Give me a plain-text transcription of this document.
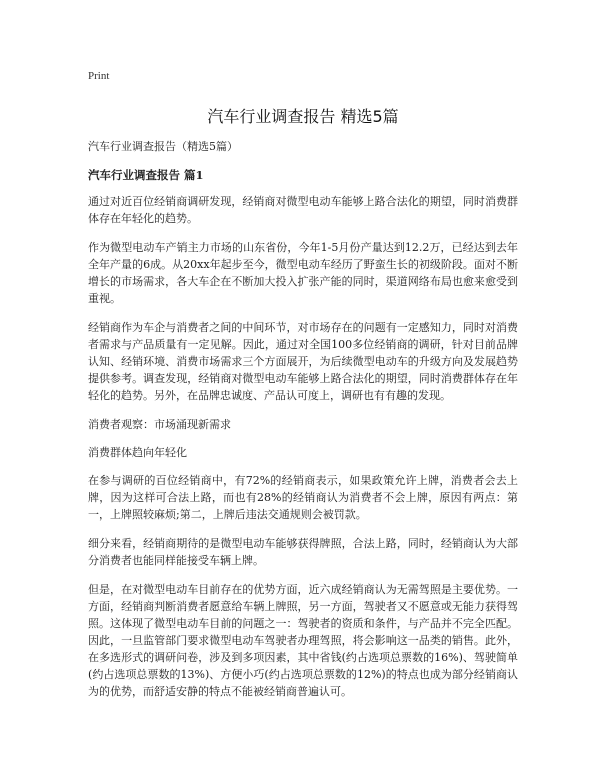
Print
汽车行业调查报告 精选5篇
汽车行业调查报告（精选5篇）
汽车行业调查报告 篇1

通过对近百位经销商调研发现，经销商对微型电动车能够上路合法化的期望，同时消费群体存在年轻化的趋势。

作为微型电动车产销主力市场的山东省份，今年1-5月份产量达到12.2万，已经达到去年全年产量的6成。从20xx年起步至今，微型电动车经历了野蛮生长的初级阶段。面对不断增长的市场需求，各大车企在不断加大投入扩张产能的同时，渠道网络布局也愈来愈受到重视。

经销商作为车企与消费者之间的中间环节，对市场存在的问题有一定感知力，同时对消费者需求与产品质量有一定见解。因此，通过对全国100多位经销商的调研，针对目前品牌认知、经销环境、消费市场需求三个方面展开，为后续微型电动车的升级方向及发展趋势提供参考。调查发现，经销商对微型电动车能够上路合法化的期望，同时消费群体存在年轻化的趋势。另外，在品牌忠诚度、产品认可度上，调研也有有趣的发现。

消费者观察：市场涌现新需求

消费群体趋向年轻化

在参与调研的百位经销商中，有72%的经销商表示，如果政策允许上牌，消费者会去上牌，因为这样可合法上路，而也有28%的经销商认为消费者不会上牌，原因有两点：第一，上牌照较麻烦;第二，上牌后违法交通规则会被罚款。

细分来看，经销商期待的是微型电动车能够获得牌照，合法上路，同时，经销商认为大部分消费者也能同样能接受车辆上牌。

但是，在对微型电动车目前存在的优势方面，近六成经销商认为无需驾照是主要优势。一方面，经销商判断消费者愿意给车辆上牌照，另一方面，驾驶者又不愿意或无能力获得驾照。这体现了微型电动车目前的问题之一：驾驶者的资质和条件，与产品并不完全匹配。因此，一旦监管部门要求微型电动车驾驶者办理驾照，将会影响这一品类的销售。此外，在多选形式的调研问卷，涉及到多项因素，其中省钱(约占选项总票数的16%)、驾驶简单(约占选项总票数的13%)、方便小巧(约占选项总票数的12%)的特点也成为部分经销商认为的优势，而舒适安静的特点不能被经销商普遍认可。
